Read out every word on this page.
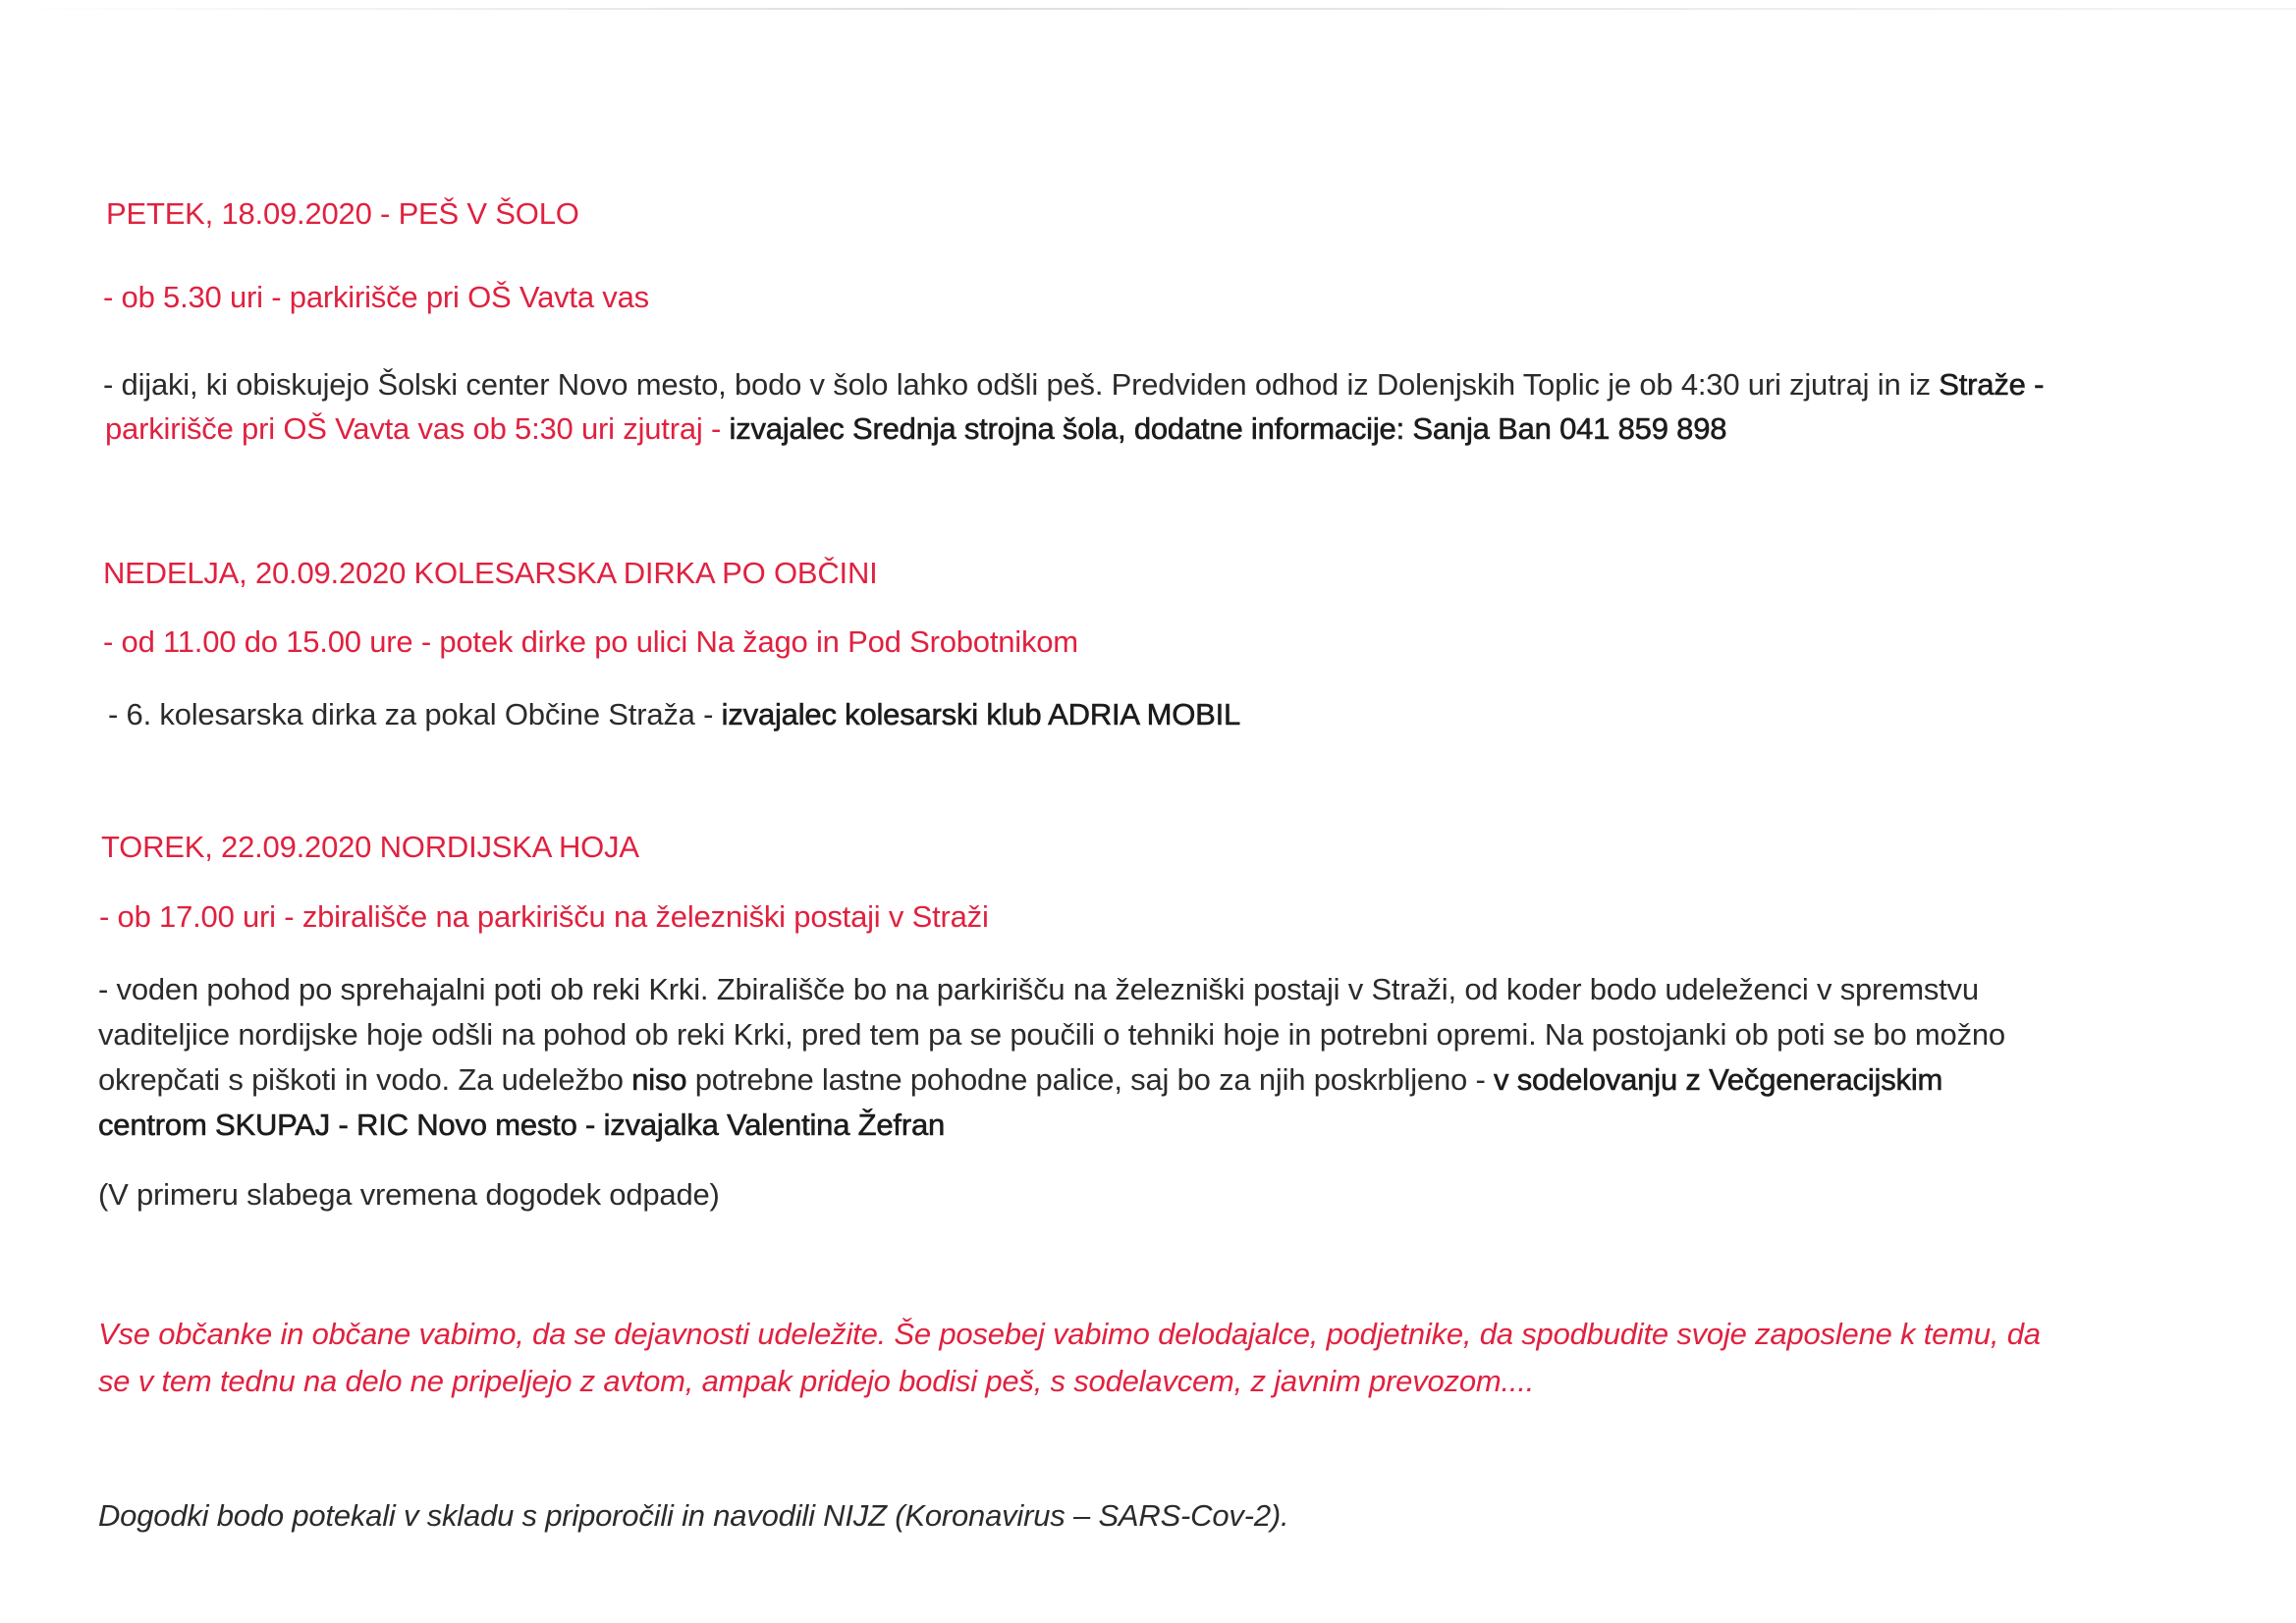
PETEK, 18.09.2020 - PEŠ V ŠOLO
- ob 5.30 uri - parkirišče pri OŠ Vavta vas
- dijaki, ki obiskujejo Šolski center Novo mesto, bodo v šolo lahko odšli peš. Predviden odhod iz Dolenjskih Toplic je ob 4:30 uri zjutraj in iz Straže -
parkirišče pri OŠ Vavta vas ob 5:30 uri zjutraj - izvajalec Srednja strojna šola, dodatne informacije: Sanja Ban 041 859 898
NEDELJA, 20.09.2020 KOLESARSKA DIRKA PO OBČINI
- od 11.00 do 15.00 ure - potek dirke po ulici Na žago in Pod Srobotnikom
- 6. kolesarska dirka za pokal Občine Straža - izvajalec kolesarski klub ADRIA MOBIL
TOREK, 22.09.2020 NORDIJSKA HOJA
- ob 17.00 uri - zbirališče na parkirišču na železniški postaji v Straži
- voden pohod po sprehajalni poti ob reki Krki. Zbirališče bo na parkirišču na železniški postaji v Straži, od koder bodo udeleženci v spremstvu
vaditeljice nordijske hoje odšli na pohod ob reki Krki, pred tem pa se poučili o tehniki hoje in potrebni opremi. Na postojanki ob poti se bo možno
okrepčati s piškoti in vodo. Za udeležbo niso potrebne lastne pohodne palice, saj bo za njih poskrbljeno - v sodelovanju z Večgeneracijskim
centrom SKUPAJ - RIC Novo mesto - izvajalka Valentina Žefran
(V primeru slabega vremena dogodek odpade)
Vse občanke in občane vabimo, da se dejavnosti udeležite. Še posebej vabimo delodajalce, podjetnike, da spodbudite svoje zaposlene k temu, da
se v tem tednu na delo ne pripeljejo z avtom, ampak pridejo bodisi peš, s sodelavcem, z javnim prevozom....
Dogodki bodo potekali v skladu s priporočili in navodili NIJZ (Koronavirus – SARS-Cov-2).
